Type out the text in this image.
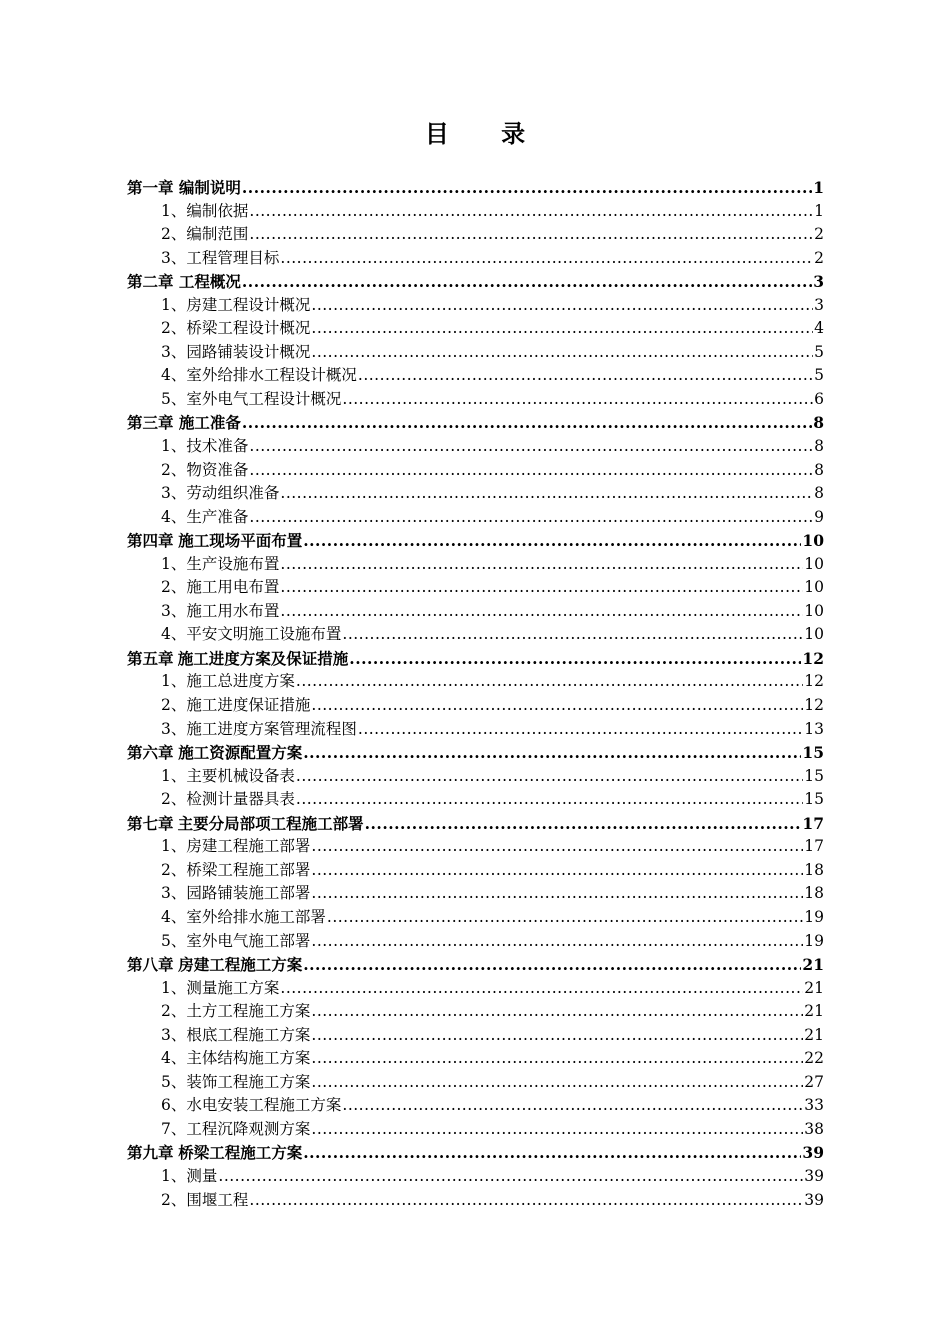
目 录
第一章 编制说明 .....	1
1、 编制依据 .....	1
2、 编制范围 .....	2
3、 工程管理目标 .....	2
第二章 工程概况 .....	3
1、 房建工程设计概况 .....	3
2、 桥梁工程设计概况 .....	4
3、 园路铺装设计概况 .....	5
4、 室外给排水工程设计概况 .....	5
5、 室外电气工程设计概况 .....	6
第三章 施工准备 .....	8
1、 技术准备 .....	8
2、 物资准备 .....	8
3、 劳动组织准备 .....	8
4、 生产准备 .....	9
第四章 施工现场平面布置 .....	10
1、 生产设施布置 .....	10
2、 施工用电布置 .....	10
3、 施工用水布置 .....	10
4、 平安文明施工设施布置 .....	10
第五章 施工进度方案及保证措施 .....	12
1、 施工总进度方案 .....	12
2、 施工进度保证措施 .....	12
3、 施工进度方案管理流程图 .....	13
第六章 施工资源配置方案 .....	15
1、 主要机械设备表 .....	15
2、 检测计量器具表 .....	15
第七章 主要分局部项工程施工部署 .....	17
1、 房建工程施工部署 .....	17
2、 桥梁工程施工部署 .....	18
3、 园路铺装施工部署 .....	18
4、 室外给排水施工部署 .....	19
5、 室外电气施工部署 .....	19
第八章 房建工程施工方案 .....	21
1、 测量施工方案 .....	21
2、 土方工程施工方案 .....	21
3、 根底工程施工方案 .....	21
4、 主体结构施工方案 .....	22
5、 装饰工程施工方案 .....	27
6、 水电安装工程施工方案 .....	33
7、 工程沉降观测方案 .....	38
第九章 桥梁工程施工方案 .....	39
1、 测量 .....	39
2、 围堰工程 .....	39
